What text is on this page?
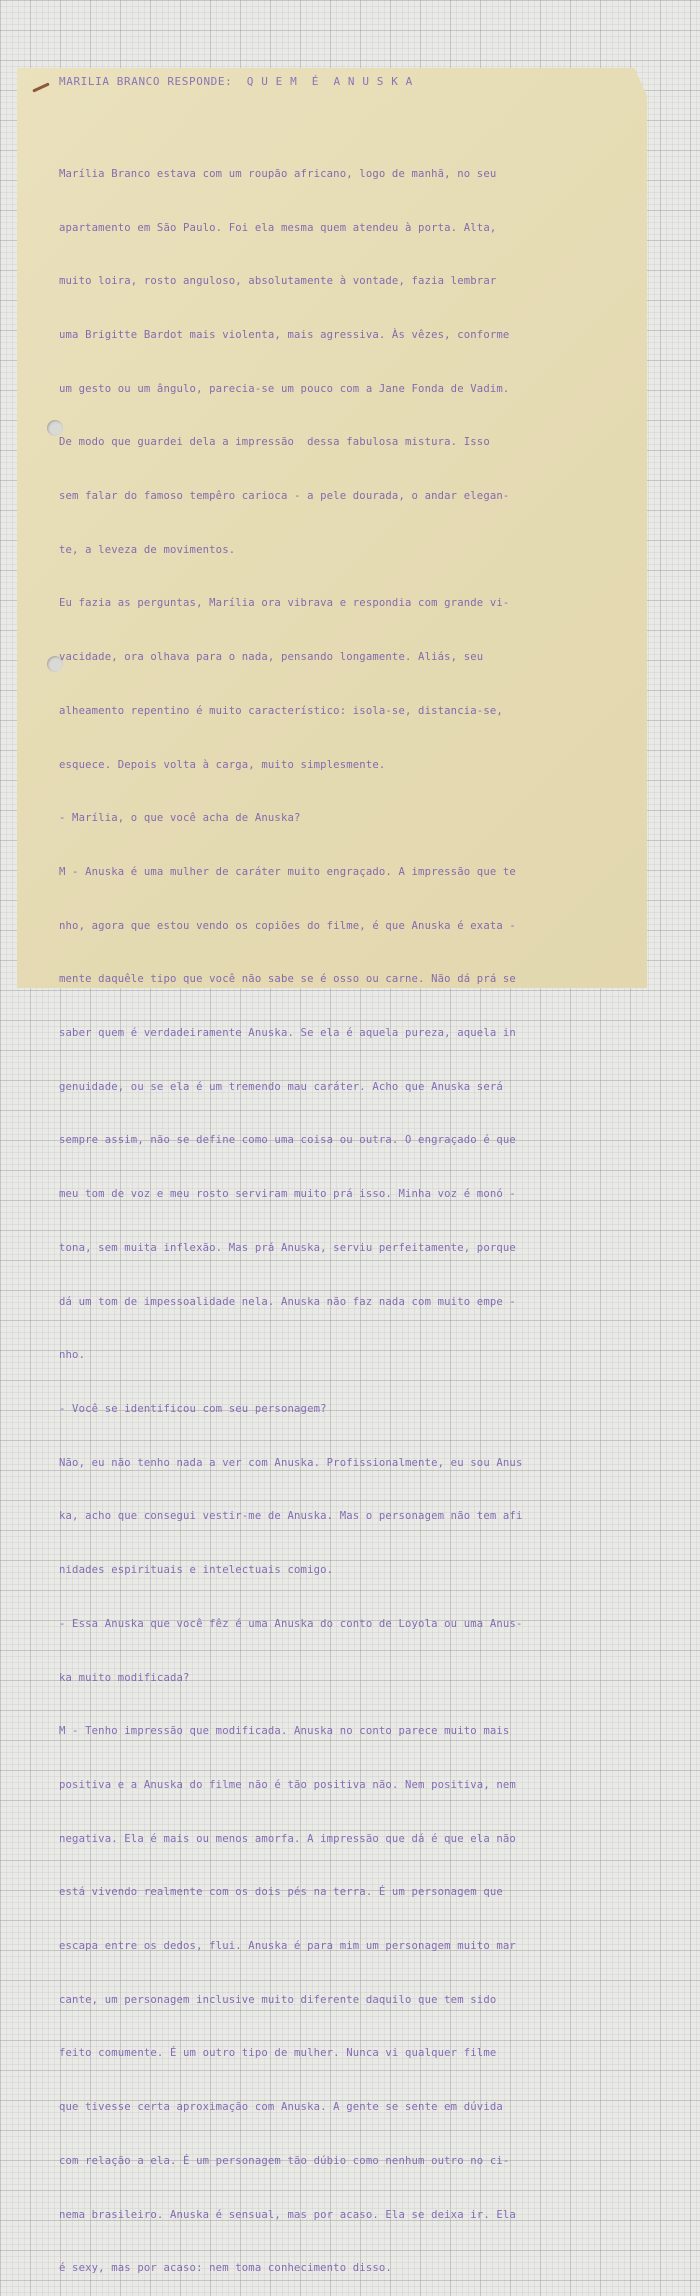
MARILIA BRANCO RESPONDE:  Q U E M  É  A N U S K A

Marília Branco estava com um roupão africano, logo de manhã, no seu

apartamento em São Paulo. Foi ela mesma quem atendeu à porta. Alta,

muito loira, rosto anguloso, absolutamente à vontade, fazia lembrar

uma Brigitte Bardot mais violenta, mais agressiva. Às vêzes, conforme

um gesto ou um ângulo, parecia-se um pouco com a Jane Fonda de Vadim.

De modo que guardei dela a impressão  dessa fabulosa mistura. Isso

sem falar do famoso tempêro carioca - a pele dourada, o andar elegan-

te, a leveza de movimentos.

Eu fazia as perguntas, Marília ora vibrava e respondia com grande vi-

vacidade, ora olhava para o nada, pensando longamente. Aliás, seu

alheamento repentino é muito característico: isola-se, distancia-se,

esquece. Depois volta à carga, muito simplesmente.

- Marília, o que você acha de Anuska?

M - Anuska é uma mulher de caráter muito engraçado. A impressão que te

nho, agora que estou vendo os copiões do filme, é que Anuska é exata -

mente daquêle tipo que você não sabe se é osso ou carne. Não dá prá se

saber quem é verdadeiramente Anuska. Se ela é aquela pureza, aquela in

genuidade, ou se ela é um tremendo mau caráter. Acho que Anuska será

sempre assim, não se define como uma coisa ou outra. O engraçado é que

meu tom de voz e meu rosto serviram muito prá isso. Minha voz é monó -

tona, sem muita inflexão. Mas prá Anuska, serviu perfeitamente, porque

dá um tom de impessoalidade nela. Anuska não faz nada com muito empe -

nho.

- Você se identificou com seu personagem?

Não, eu não tenho nada a ver com Anuska. Profissionalmente, eu sou Anus

ka, acho que consegui vestir-me de Anuska. Mas o personagem não tem afi

nidades espirituais e intelectuais comigo.

- Essa Anuska que você fêz é uma Anuska do conto de Loyola ou uma Anus-

ka muito modificada?

M - Tenho impressão que modificada. Anuska no conto parece muito mais

positiva e a Anuska do filme não é tão positiva não. Nem positiva, nem

negativa. Ela é mais ou menos amorfa. A impressão que dá é que ela não

está vivendo realmente com os dois pés na terra. É um personagem que

escapa entre os dedos, flui. Anuska é para mim um personagem muito mar

cante, um personagem inclusive muito diferente daquilo que tem sido

feito comumente. É um outro tipo de mulher. Nunca vi qualquer filme

que tivesse certa aproximação com Anuska. A gente se sente em dúvida

com relação a ela. É um personagem tão dúbio como nenhum outro no ci-

nema brasileiro. Anuska é sensual, mas por acaso. Ela se deixa ir. Ela

é sexy, mas por acaso: nem toma conhecimento disso.
